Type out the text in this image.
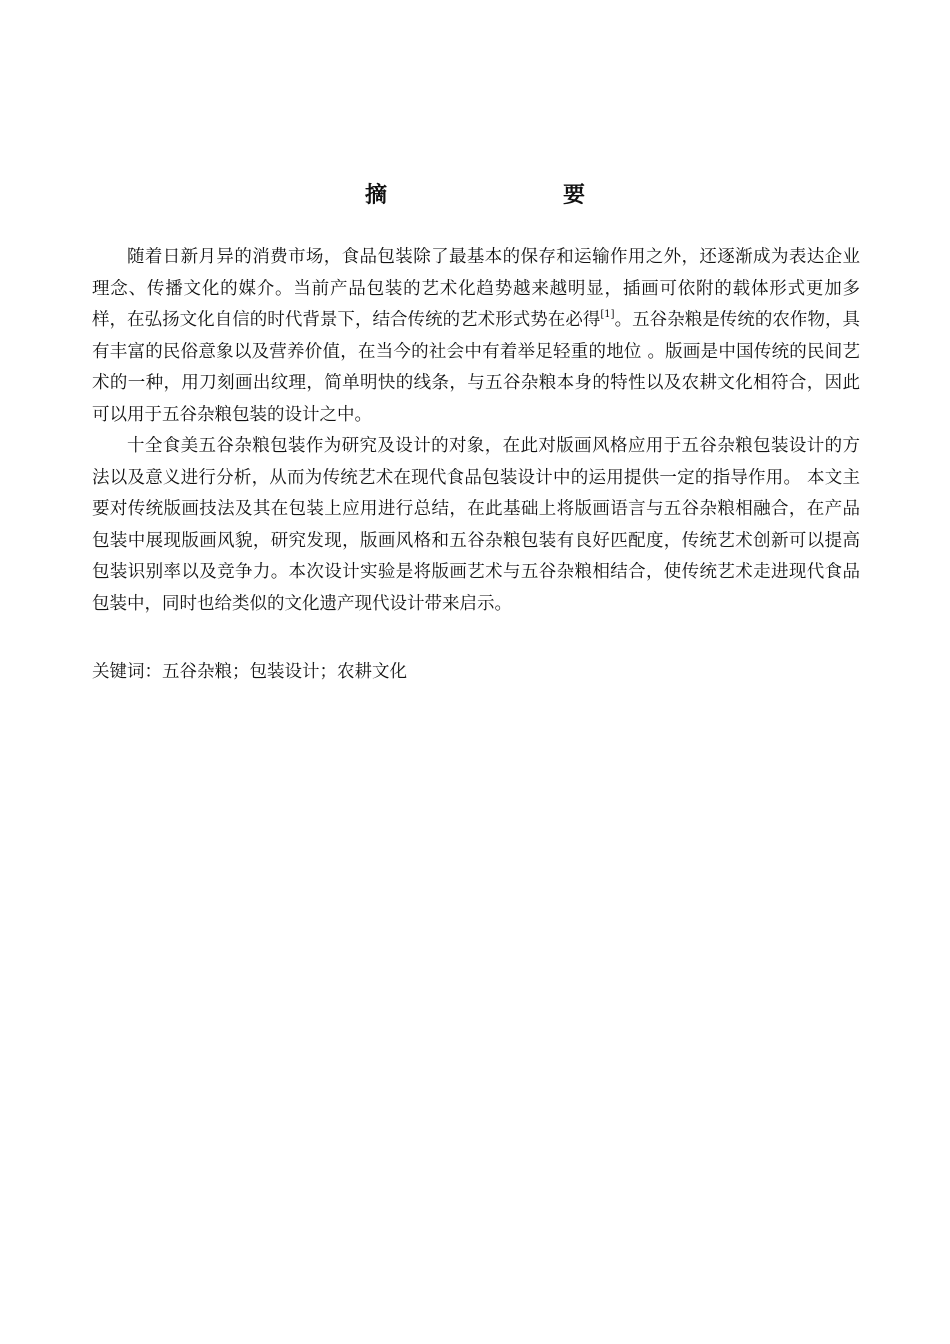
摘　　要

随着日新月异的消费市场，食品包装除了最基本的保存和运输作用之外，还逐渐成为表达企业理念、传播文化的媒介。当前产品包装的艺术化趋势越来越明显，插画可依附的载体形式更加多样，在弘扬文化自信的时代背景下，结合传统的艺术形式势在必得[1]。五谷杂粮是传统的农作物，具有丰富的民俗意象以及营养价值，在当今的社会中有着举足轻重的地位 。版画是中国传统的民间艺术的一种，用刀刻画出纹理，简单明快的线条，与五谷杂粮本身的特性以及农耕文化相符合，因此可以用于五谷杂粮包装的设计之中。

十全食美五谷杂粮包装作为研究及设计的对象，在此对版画风格应用于五谷杂粮包装设计的方法以及意义进行分析，从而为传统艺术在现代食品包装设计中的运用提供一定的指导作用。 本文主要对传统版画技法及其在包装上应用进行总结，在此基础上将版画语言与五谷杂粮相融合，在产品包装中展现版画风貌，研究发现，版画风格和五谷杂粮包装有良好匹配度，传统艺术创新可以提高包装识别率以及竞争力。本次设计实验是将版画艺术与五谷杂粮相结合，使传统艺术走进现代食品包装中，同时也给类似的文化遗产现代设计带来启示。

关键词：五谷杂粮；包装设计；农耕文化
